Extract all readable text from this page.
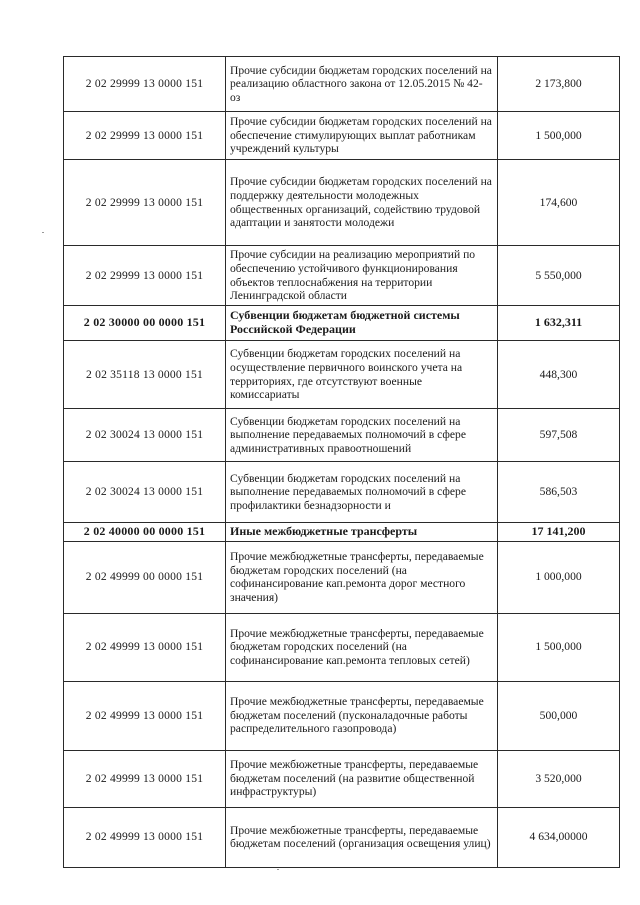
2 02 29999 13 0000 151	Прочие субсидии бюджетам городских поселений на реализацию областного закона от 12.05.2015 № 42-оз	2 173,800
2 02 29999 13 0000 151	Прочие субсидии бюджетам городских поселений на обеспечение стимулирующих выплат работникам учреждений культуры	1 500,000
2 02 29999 13 0000 151	Прочие субсидии бюджетам городских поселений на поддержку деятельности молодежных общественных организаций, содействию трудовой адаптации и занятости молодежи	174,600
2 02 29999 13 0000 151	Прочие субсидии на реализацию мероприятий по обеспечению устойчивого функционирования объектов теплоснабжения на территории Ленинградской области	5 550,000
2 02 30000 00 0000 151	Субвенции бюджетам бюджетной системы Российской Федерации	1 632,311
2 02 35118 13 0000 151	Субвенции бюджетам городских поселений на осуществление первичного воинского учета на территориях, где отсутствуют военные комиссариаты	448,300
2 02 30024 13 0000 151	Субвенции бюджетам городских поселений на выполнение передаваемых полномочий в сфере административных правоотношений	597,508
2 02 30024 13 0000 151	Субвенции бюджетам городских поселений на выполнение передаваемых полномочий в сфере профилактики безнадзорности и	586,503
2 02 40000 00 0000 151	Иные межбюджетные трансферты	17 141,200
2 02 49999 00 0000 151	Прочие межбюджетные трансферты, передаваемые бюджетам городских поселений (на софинансирование кап.ремонта дорог местного значения)	1 000,000
2 02 49999 13 0000 151	Прочие межбюджетные трансферты, передаваемые бюджетам городских поселений (на софинансирование кап.ремонта тепловых сетей)	1 500,000
2 02 49999 13 0000 151	Прочие межбюджетные трансферты, передаваемые бюджетам поселений (пусконаладочные работы распределительного газопровода)	500,000
2 02 49999 13 0000 151	Прочие межбюжетные трансферты, передаваемые бюджетам поселений (на развитие общественной инфраструктуры)	3 520,000
2 02 49999 13 0000 151	Прочие межбюжетные трансферты, передаваемые бюджетам поселений (организация освещения улиц)	4 634,00000
